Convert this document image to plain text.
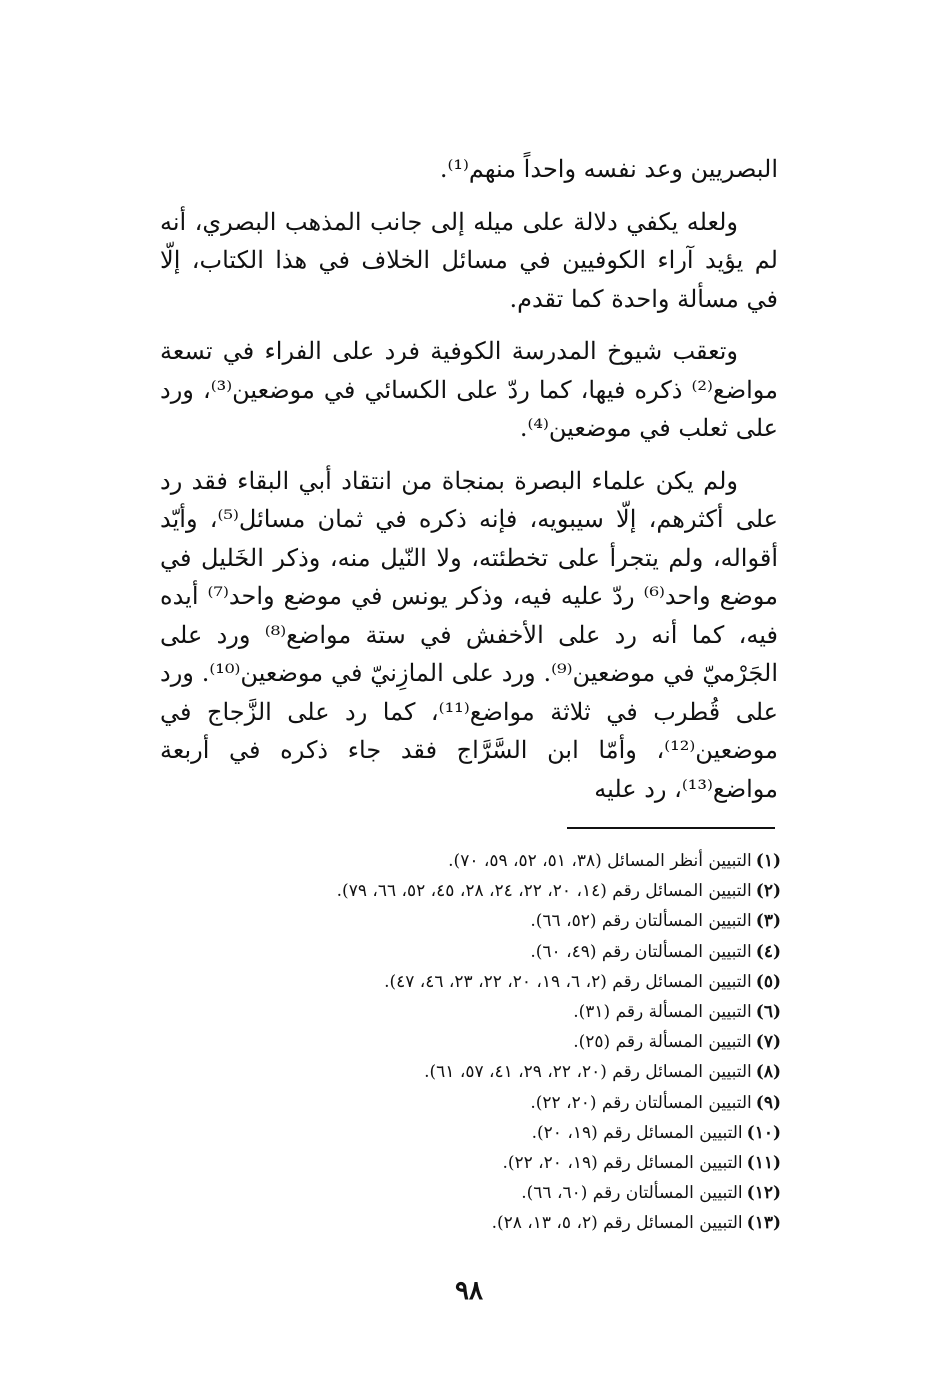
البصريين وعد نفسه واحداً منهم⁽¹⁾.

ولعله يكفي دلالة على ميله إلى جانب المذهب البصري، أنه لم يؤيد آراء الكوفيين في مسائل الخلاف في هذا الكتاب، إلّا في مسألة واحدة كما تقدم.

وتعقب شيوخ المدرسة الكوفية فرد على الفراء في تسعة مواضع⁽²⁾ ذكره فيها، كما ردّ على الكسائي في موضعين⁽³⁾، ورد على ثعلب في موضعين⁽⁴⁾.

ولم يكن علماء البصرة بمنجاة من انتقاد أبي البقاء فقد رد على أكثرهم، إلّا سيبويه، فإنه ذكره في ثمان مسائل⁽⁵⁾، وأيّد أقواله، ولم يتجرأ على تخطئته، ولا النّيل منه، وذكر الخَليل في موضع واحد⁽⁶⁾ ردّ عليه فيه، وذكر يونس في موضع واحد⁽⁷⁾ أيده فيه، كما أنه رد على الأخفش في ستة مواضع⁽⁸⁾ ورد على الجَرْميّ في موضعين⁽⁹⁾. ورد على المازِنيّ في موضعين⁽¹⁰⁾. ورد على قُطرب في ثلاثة مواضع⁽¹¹⁾، كما رد على الزَّجاج في موضعين⁽¹²⁾، وأمّا ابن السَّرَّاج فقد جاء ذكره في أربعة مواضع⁽¹³⁾، رد عليه

(١)التبيين أنظر المسائل (٣٨، ٥١، ٥٢، ٥٩، ٧٠).
(٢)التبيين المسائل رقم (١٤، ٢٠، ٢٢، ٢٤، ٢٨، ٤٥، ٥٢، ٦٦، ٧٩).
(٣)التبيين المسألتان رقم (٥٢، ٦٦).
(٤)التبيين المسألتان رقم (٤٩، ٦٠).
(٥)التبيين المسائل رقم (٢، ٦، ١٩، ٢٠، ٢٢، ٢٣، ٤٦، ٤٧).
(٦)التبيين المسألة رقم (٣١).
(٧)التبيين المسألة رقم (٢٥).
(٨)التبيين المسائل رقم (٢٠، ٢٢، ٢٩، ٤١، ٥٧، ٦١).
(٩)التبيين المسألتان رقم (٢٠، ٢٢).
(١٠)التبيين المسائل رقم (١٩، ٢٠).
(١١)التبيين المسائل رقم (١٩، ٢٠، ٢٢).
(١٢)التبيين المسألتان رقم (٦٠، ٦٦).
(١٣)التبيين المسائل رقم (٢، ٥، ١٣، ٢٨).
٩٨
